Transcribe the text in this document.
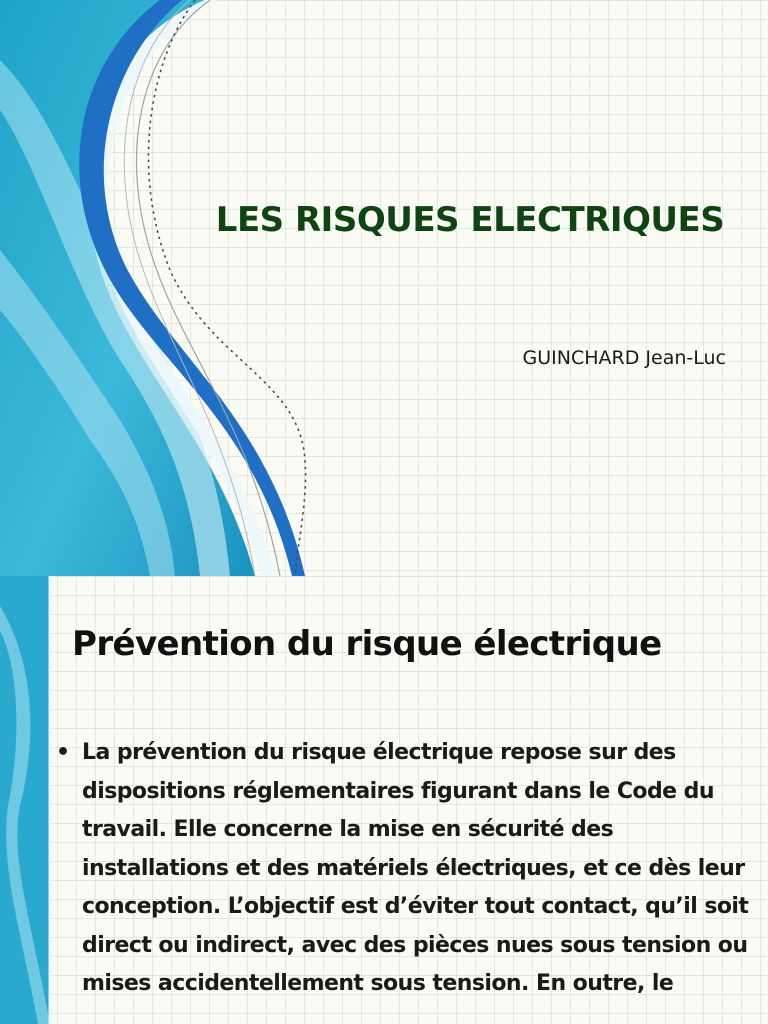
LES RISQUES ELECTRIQUES
GUINCHARD Jean-Luc
Prévention du risque électrique
• La prévention du risque électrique repose sur des dispositions réglementaires figurant dans le Code du travail. Elle concerne la mise en sécurité des installations et des matériels électriques, et ce dès leur conception. L’objectif est d’éviter tout contact, qu’il soit direct ou indirect, avec des pièces nues sous tension ou mises accidentellement sous tension. En outre, le
